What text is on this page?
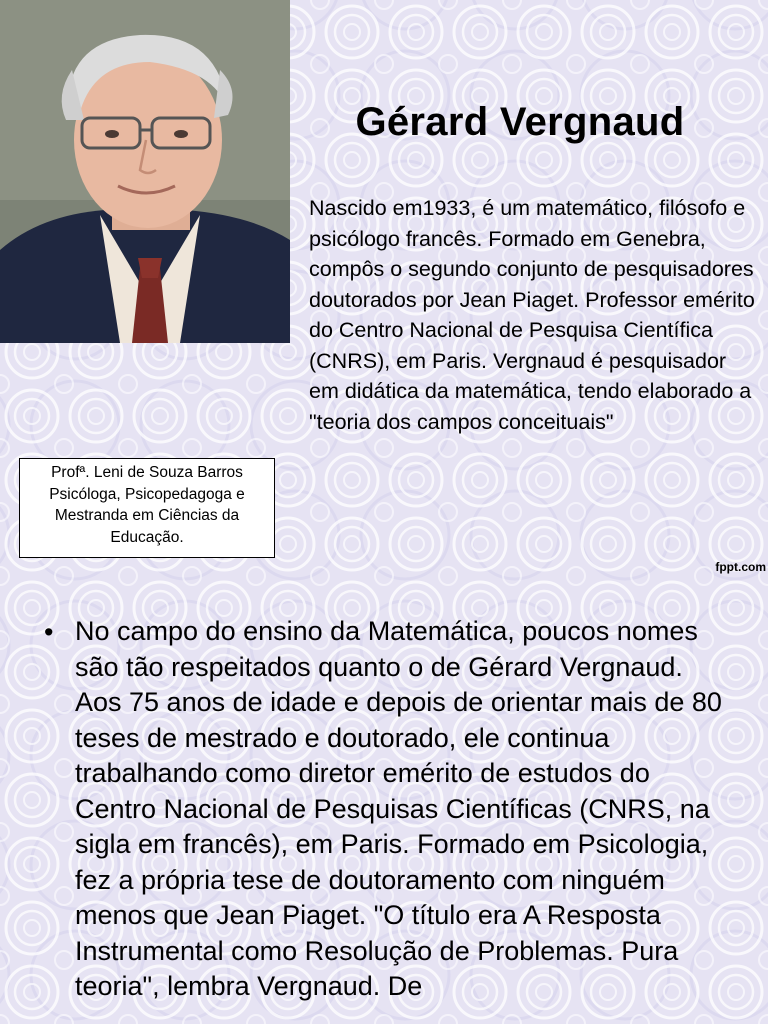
Gérard Vergnaud

Nascido em1933, é um matemático, filósofo e psicólogo francês. Formado em Genebra, compôs o segundo conjunto de pesquisadores doutorados por Jean Piaget. Professor emérito do Centro Nacional de Pesquisa Científica (CNRS), em Paris. Vergnaud é pesquisador em didática da matemática, tendo elaborado a "teoria dos campos conceituais"

Profª. Leni de Souza Barros
Psicóloga, Psicopedagoga e
Mestranda em Ciências da
Educação.
fppt.com
• No campo do ensino da Matemática, poucos nomes são tão respeitados quanto o de Gérard Vergnaud. Aos 75 anos de idade e depois de orientar mais de 80 teses de mestrado e doutorado, ele continua trabalhando como diretor emérito de estudos do Centro Nacional de Pesquisas Científicas (CNRS, na sigla em francês), em Paris. Formado em Psicologia, fez a própria tese de doutoramento com ninguém menos que Jean Piaget. "O título era A Resposta Instrumental como Resolução de Problemas. Pura teoria", lembra Vergnaud. De
